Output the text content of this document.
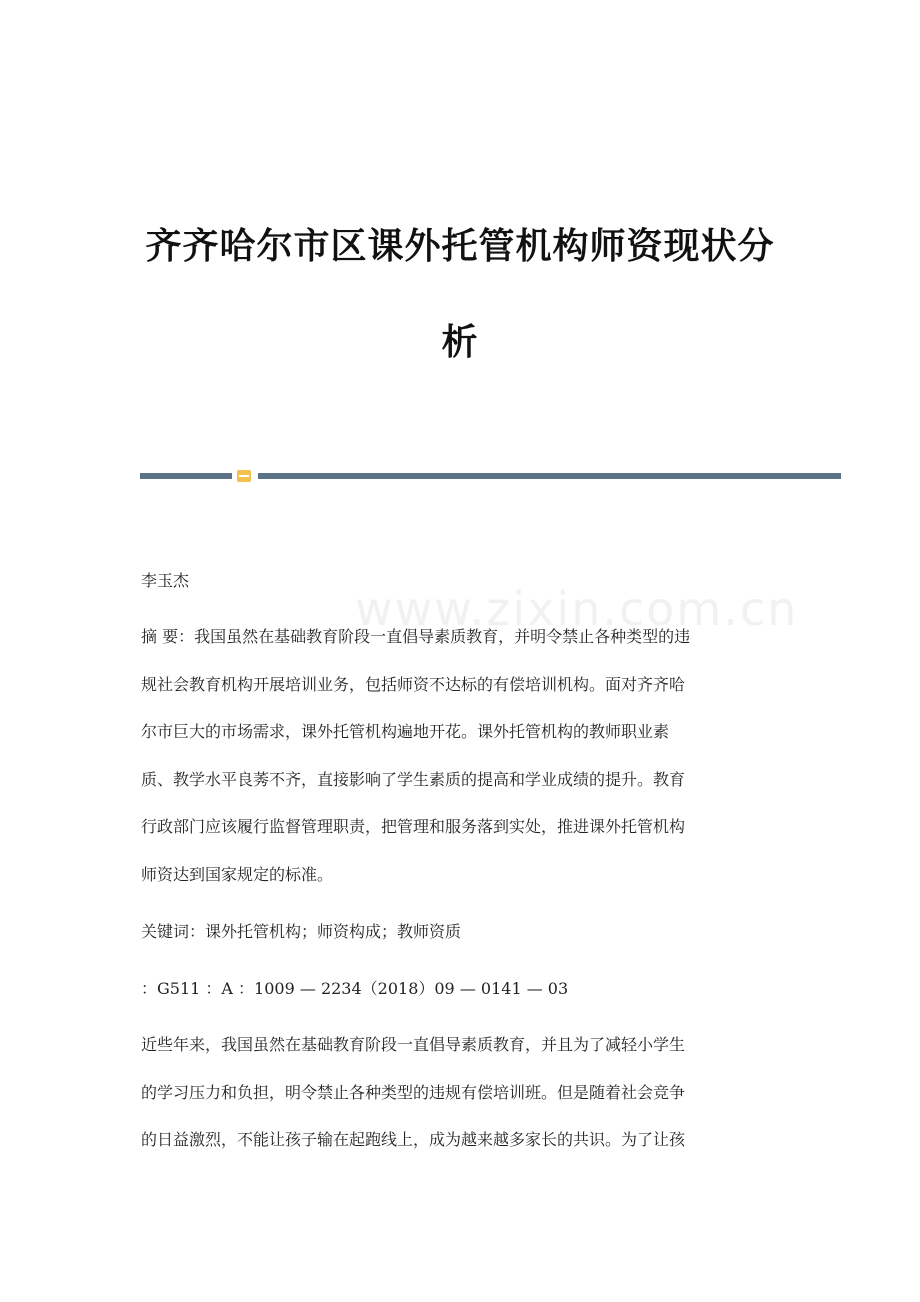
齐齐哈尔市区课外托管机构师资现状分
析
www.zixin.com.cn

李玉杰

摘 要：我国虽然在基础教育阶段一直倡导素质教育，并明令禁止各种类型的违

规社会教育机构开展培训业务，包括师资不达标的有偿培训机构。面对齐齐哈

尔市巨大的市场需求，课外托管机构遍地开花。课外托管机构的教师职业素

质、教学水平良莠不齐，直接影响了学生素质的提高和学业成绩的提升。教育

行政部门应该履行监督管理职责，把管理和服务落到实处，推进课外托管机构

师资达到国家规定的标准。

关键词：课外托管机构；师资构成；教师资质

：G511 ：A ：1009 — 2234（2018）09 — 0141 — 03

近些年来，我国虽然在基础教育阶段一直倡导素质教育，并且为了减轻小学生

的学习压力和负担，明令禁止各种类型的违规有偿培训班。但是随着社会竞争

的日益激烈，不能让孩子输在起跑线上，成为越来越多家长的共识。为了让孩
